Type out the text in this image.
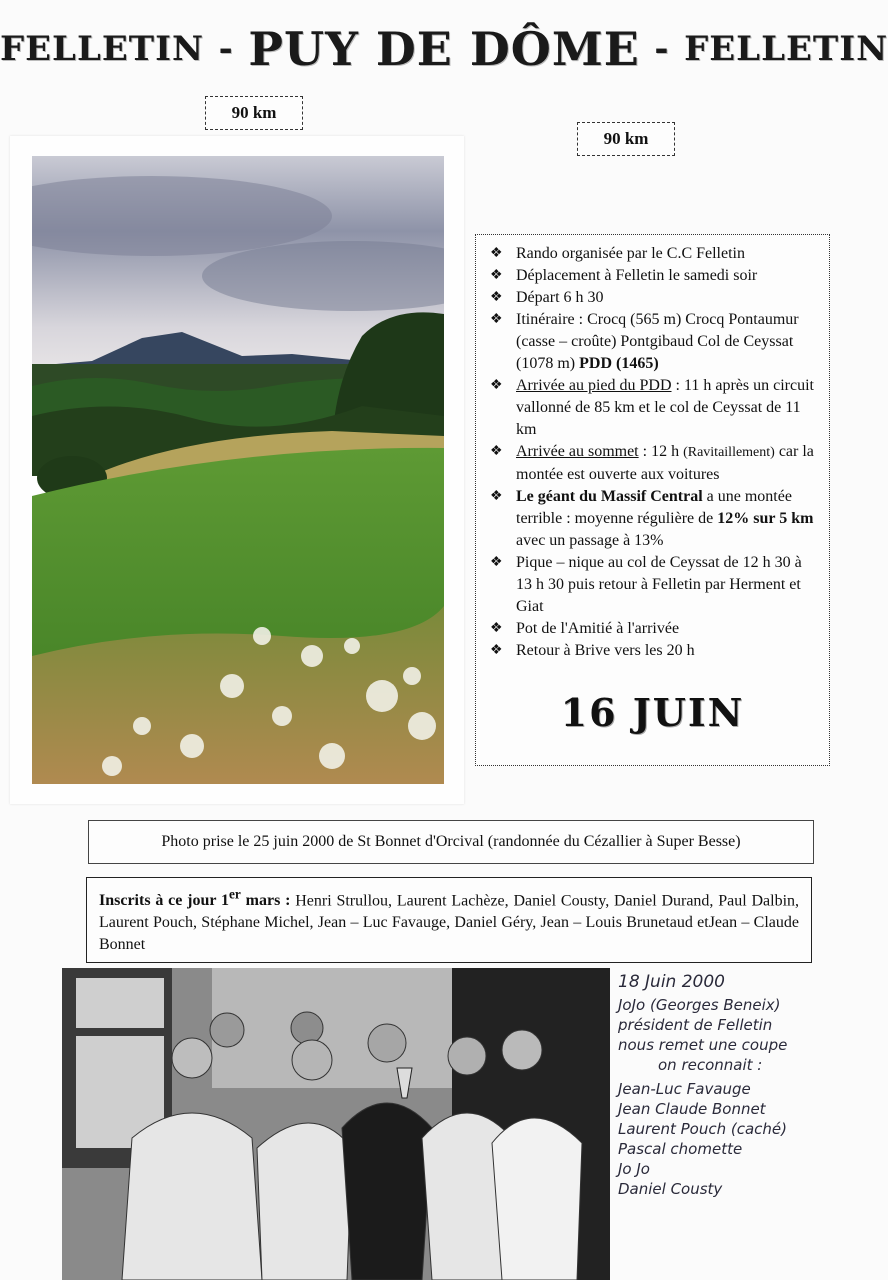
FELLETIN - PUY DE DÔME - FELLETIN
90 km
90 km
❖ Rando organisée par le C.C Felletin
❖ Déplacement à Felletin le samedi soir
❖ Départ 6 h 30
❖ Itinéraire : Crocq (565 m) Crocq Pontaumur (casse – croûte) Pontgibaud Col de Ceyssat (1078 m) PDD (1465)
❖ Arrivée au pied du PDD : 11 h après un circuit vallonné de 85 km et le col de Ceyssat de 11 km
❖ Arrivée au sommet : 12 h (Ravitaillement) car la montée est ouverte aux voitures
❖ Le géant du Massif Central a une montée terrible : moyenne régulière de 12% sur 5 km avec un passage à 13%
❖ Pique – nique au col de Ceyssat de 12 h 30 à 13 h 30 puis retour à Felletin par Herment et Giat
❖ Pot de l'Amitié à l'arrivée
❖ Retour à Brive vers les 20 h
16 JUIN
Photo prise le 25 juin 2000 de St Bonnet d'Orcival (randonnée du Cézallier à Super Besse)
Inscrits à ce jour 1er mars : Henri Strullou, Laurent Lachèze, Daniel Cousty, Daniel Durand, Paul Dalbin, Laurent Pouch, Stéphane Michel, Jean – Luc Favauge, Daniel Géry, Jean – Louis Brunetaud etJean – Claude Bonnet
18 Juin 2000
JoJo (Georges Beneix)
président de Felletin
nous remet une coupe
on reconnait :
Jean-Luc Favauge
Jean Claude Bonnet
Laurent Pouch (caché)
Pascal chomette
Jo Jo
Daniel Cousty
